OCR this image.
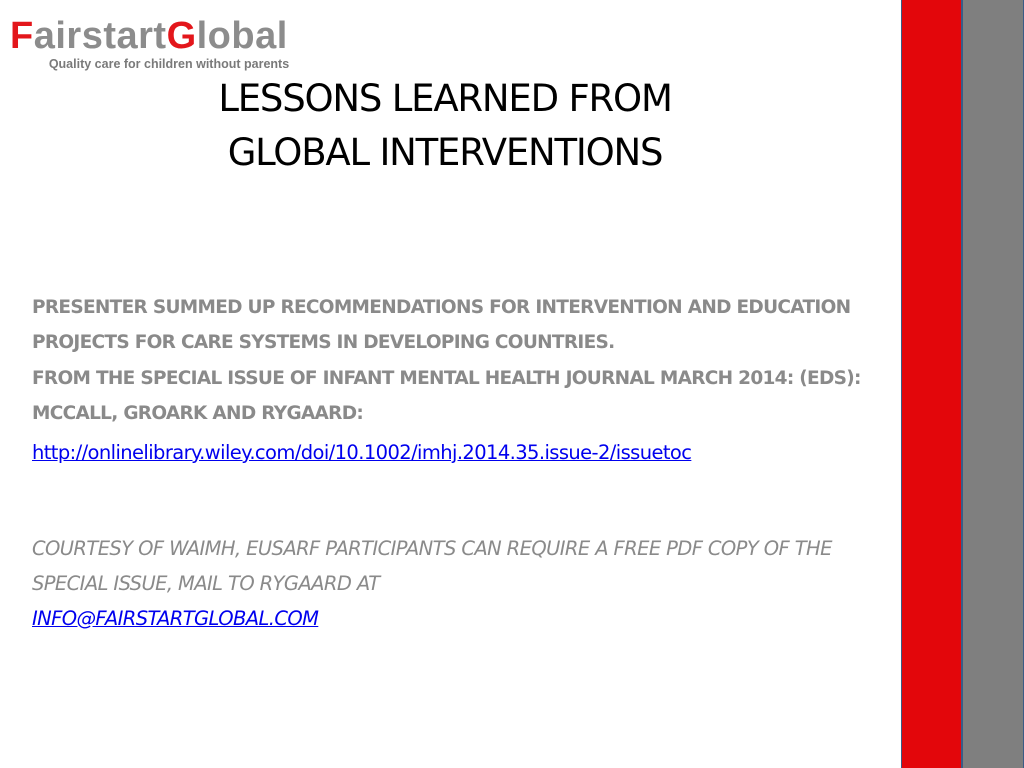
FairstartGlobal
Quality care for children without parents
LESSONS LEARNED FROM
GLOBAL INTERVENTIONS

PRESENTER SUMMED UP RECOMMENDATIONS FOR INTERVENTION AND EDUCATION PROJECTS FOR CARE SYSTEMS IN DEVELOPING COUNTRIES.

FROM THE SPECIAL ISSUE OF INFANT MENTAL HEALTH JOURNAL MARCH 2014: (EDS): MCCALL, GROARK AND RYGAARD:

http://onlinelibrary.wiley.com/doi/10.1002/imhj.2014.35.issue-2/issuetoc

COURTESY OF WAIMH, EUSARF PARTICIPANTS CAN REQUIRE A FREE PDF COPY OF THE SPECIAL ISSUE, MAIL TO RYGAARD AT
INFO@FAIRSTARTGLOBAL.COM
